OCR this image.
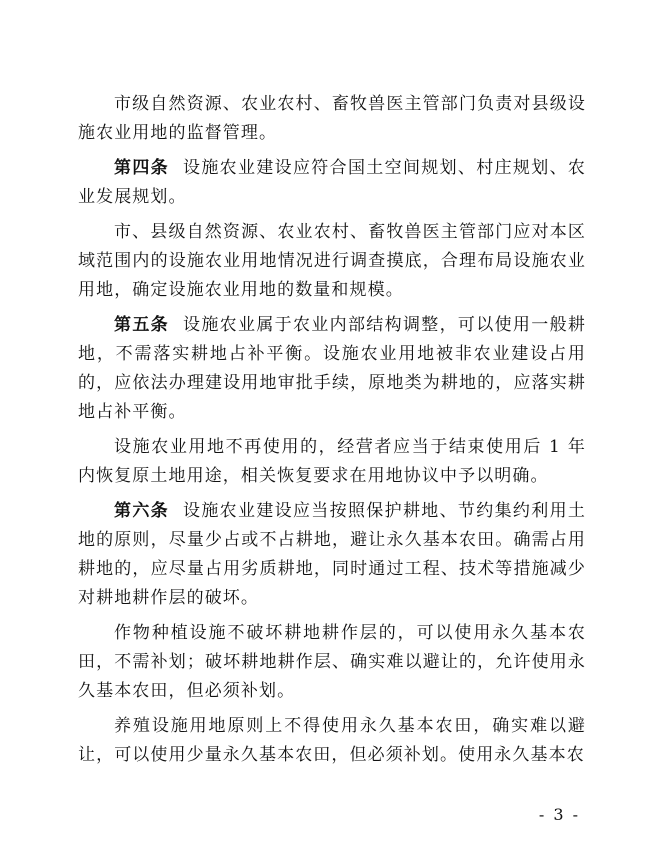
市级自然资源、农业农村、畜牧兽医主管部门负责对县级设施农业用地的监督管理。

第四条 设施农业建设应符合国土空间规划、村庄规划、农业发展规划。

市、县级自然资源、农业农村、畜牧兽医主管部门应对本区域范围内的设施农业用地情况进行调查摸底，合理布局设施农业用地，确定设施农业用地的数量和规模。

第五条 设施农业属于农业内部结构调整，可以使用一般耕地，不需落实耕地占补平衡。设施农业用地被非农业建设占用的，应依法办理建设用地审批手续，原地类为耕地的，应落实耕地占补平衡。

设施农业用地不再使用的，经营者应当于结束使用后 1 年内恢复原土地用途，相关恢复要求在用地协议中予以明确。

第六条 设施农业建设应当按照保护耕地、节约集约利用土地的原则，尽量少占或不占耕地，避让永久基本农田。确需占用耕地的，应尽量占用劣质耕地，同时通过工程、技术等措施减少对耕地耕作层的破坏。

作物种植设施不破坏耕地耕作层的，可以使用永久基本农田，不需补划；破坏耕地耕作层、确实难以避让的，允许使用永久基本农田，但必须补划。

养殖设施用地原则上不得使用永久基本农田，确实难以避让，可以使用少量永久基本农田，但必须补划。使用永久基本农

- 3 -
